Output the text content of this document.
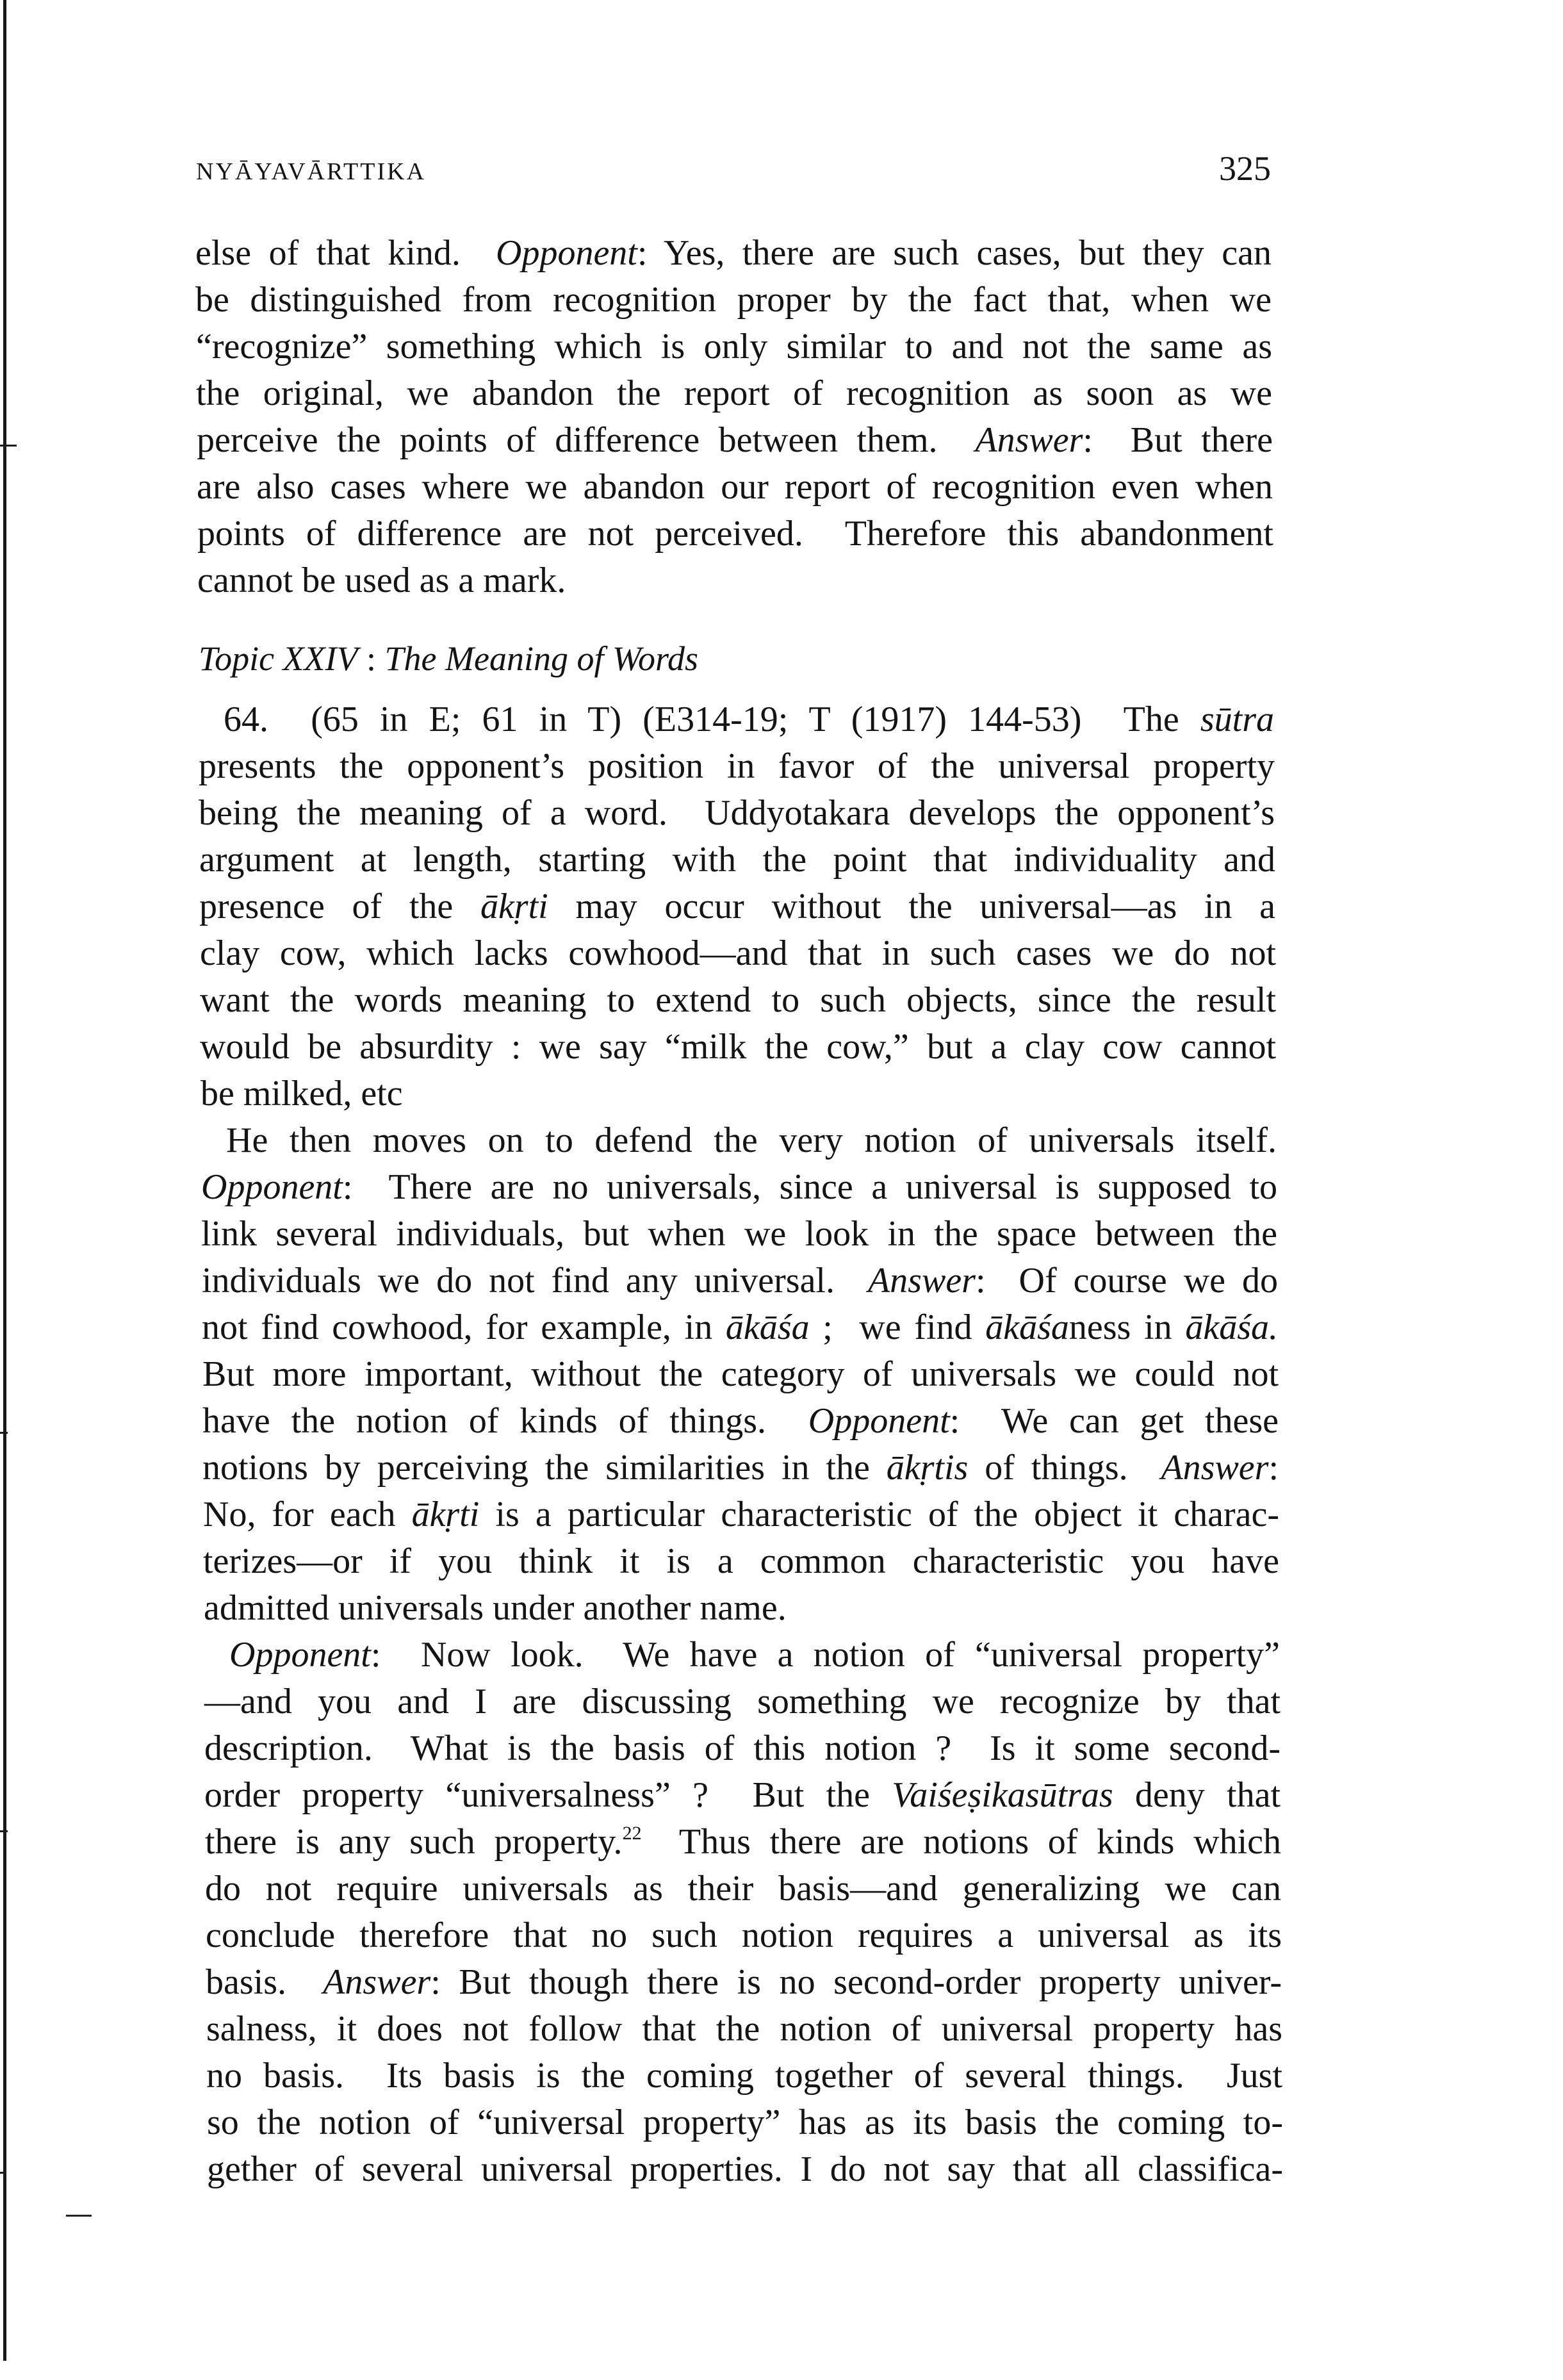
NYĀYAVĀRTTIKA	325
Topic XXIV : The Meaning of Words
else of that kind.  Opponent: Yes, there are such cases, but they can
be distinguished from recognition proper by the fact that, when we
“recognize” something which is only similar to and not the same as
the original, we abandon the report of recognition as soon as we
perceive the points of difference between them.  Answer:  But there
are also cases where we abandon our report of recognition even when
points of difference are not perceived.  Therefore this abandonment
cannot be used as a mark.
64.  (65 in E; 61 in T) (E314-19; T (1917) 144-53)  The sūtra
presents the opponent’s position in favor of the universal property
being the meaning of a word.  Uddyotakara develops the opponent’s
argument at length, starting with the point that individuality and
presence of the ākṛti may occur without the universal—as in a
clay cow, which lacks cowhood—and that in such cases we do not
want the words meaning to extend to such objects, since the result
would be absurdity : we say “milk the cow,” but a clay cow cannot
be milked, etc
He then moves on to defend the very notion of universals itself.
Opponent:  There are no universals, since a universal is supposed to
link several individuals, but when we look in the space between the
individuals we do not find any universal.  Answer:  Of course we do
not find cowhood, for example, in ākāśa ;  we find ākāśaness in ākāśa.
But more important, without the category of universals we could not
have the notion of kinds of things.  Opponent:  We can get these
notions by perceiving the similarities in the ākṛtis of things.  Answer:
No, for each ākṛti is a particular characteristic of the object it charac-
terizes—or if you think it is a common characteristic you have
admitted universals under another name.
Opponent:  Now look.  We have a notion of “universal property”
—and you and I are discussing something we recognize by that
description.  What is the basis of this notion ?  Is it some second-
order property “universalness” ?  But the Vaiśeṣikasūtras deny that
there is any such property.$^{22}$  Thus there are notions of kinds which
do not require universals as their basis—and generalizing we can
conclude therefore that no such notion requires a universal as its
basis.  Answer: But though there is no second-order property univer-
salness, it does not follow that the notion of universal property has
no basis.  Its basis is the coming together of several things.  Just
so the notion of “universal property” has as its basis the coming to-
gether of several universal properties. I do not say that all classifica-
